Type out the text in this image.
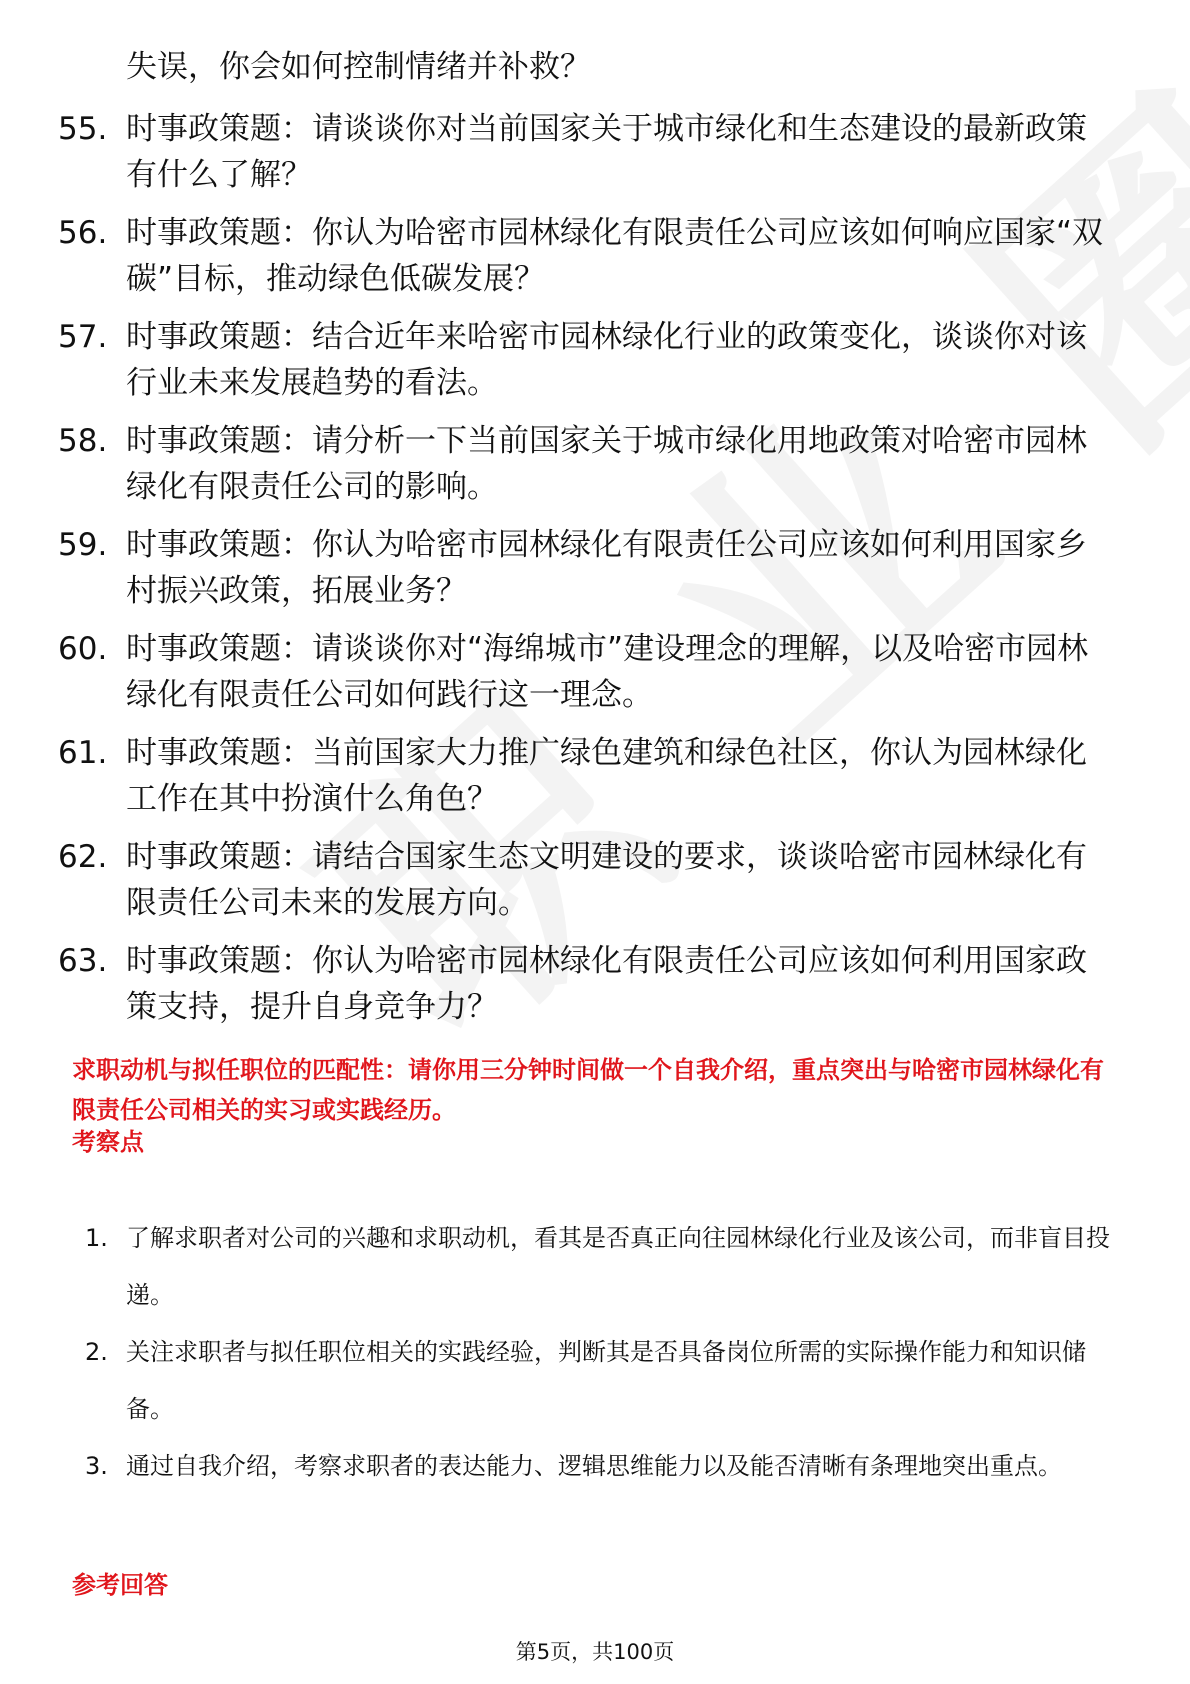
失误，你会如何控制情绪并补救？

55. 时事政策题：请谈谈你对当前国家关于城市绿化和生态建设的最新政策有什么了解？
56. 时事政策题：你认为哈密市园林绿化有限责任公司应该如何响应国家“双碳”目标，推动绿色低碳发展？
57. 时事政策题：结合近年来哈密市园林绿化行业的政策变化，谈谈你对该行业未来发展趋势的看法。
58. 时事政策题：请分析一下当前国家关于城市绿化用地政策对哈密市园林绿化有限责任公司的影响。
59. 时事政策题：你认为哈密市园林绿化有限责任公司应该如何利用国家乡村振兴政策，拓展业务？
60. 时事政策题：请谈谈你对“海绵城市”建设理念的理解，以及哈密市园林绿化有限责任公司如何践行这一理念。
61. 时事政策题：当前国家大力推广绿色建筑和绿色社区，你认为园林绿化工作在其中扮演什么角色？
62. 时事政策题：请结合国家生态文明建设的要求，谈谈哈密市园林绿化有限责任公司未来的发展方向。
63. 时事政策题：你认为哈密市园林绿化有限责任公司应该如何利用国家政策支持，提升自身竞争力？

求职动机与拟任职位的匹配性：请你用三分钟时间做一个自我介绍，重点突出与哈密市园林绿化有限责任公司相关的实习或实践经历。

考察点
1. 了解求职者对公司的兴趣和求职动机，看其是否真正向往园林绿化行业及该公司，而非盲目投递。
2. 关注求职者与拟任职位相关的实践经验，判断其是否具备岗位所需的实际操作能力和知识储备。
3. 通过自我介绍，考察求职者的表达能力、逻辑思维能力以及能否清晰有条理地突出重点。
参考回答
第5页，共100页
